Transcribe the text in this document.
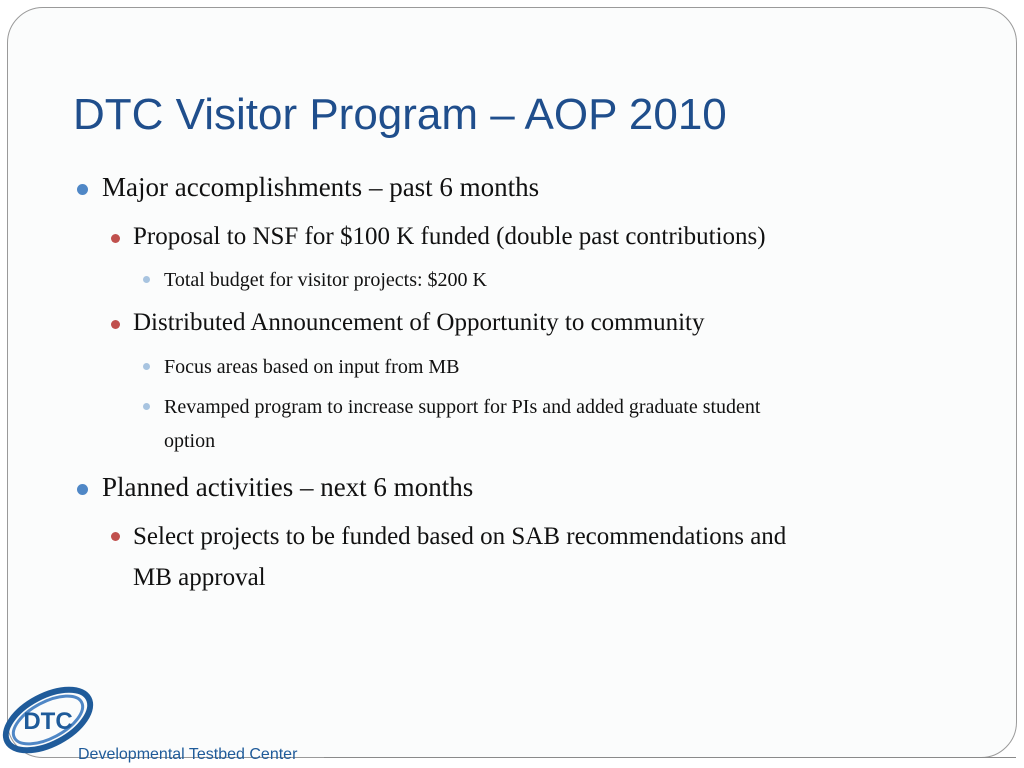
DTC Visitor Program – AOP 2010
Major accomplishments – past 6 months
Proposal to NSF for $100 K funded (double past contributions)
Total budget for visitor projects: $200 K
Distributed Announcement of Opportunity to community
Focus areas based on input from MB
Revamped program to increase support for PIs and added graduate student
option
Planned activities – next 6 months
Select projects to be funded based on SAB recommendations and
MB approval
DTC
Developmental Testbed Center
